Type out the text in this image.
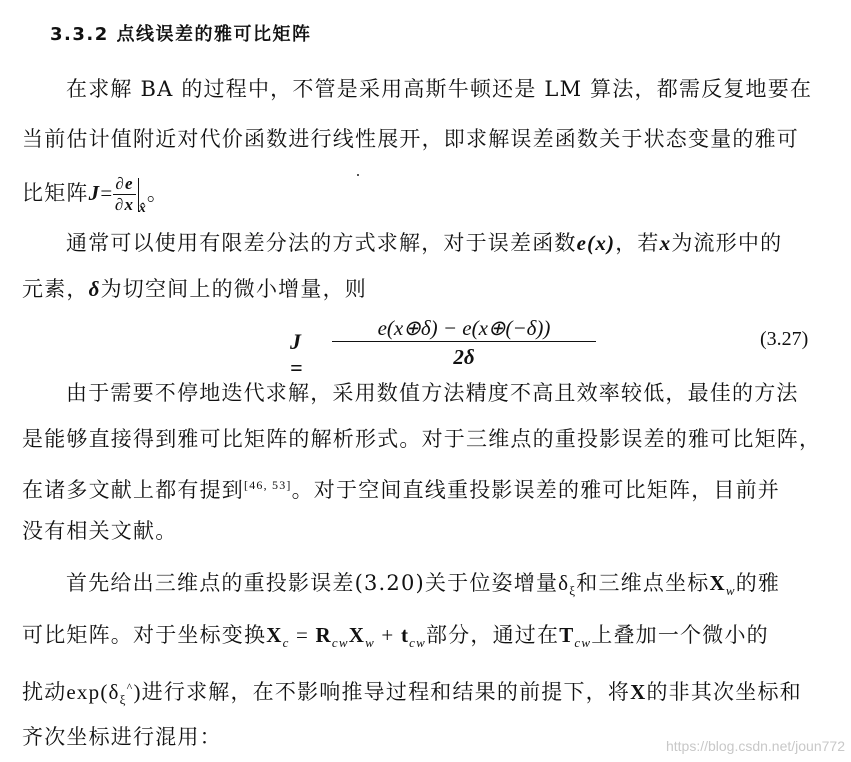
3.3.2 点线误差的雅可比矩阵
在求解 BA 的过程中，不管是采用高斯牛顿还是 LM 算法，都需反复地要在
当前估计值附近对代价函数进行线性展开，即求解误差函数关于状态变量的雅可
比矩阵$J= \frac{\partial e}{\partial x} _{x̂}$。
通常可以使用有限差分法的方式求解，对于误差函数e(x)，若x为流形中的
元素，δ为切空间上的微小增量，则
$J = \frac{e(x\oplus\delta) - e(x\oplus(-\delta))}{2\delta}$	(3.27)
由于需要不停地迭代求解，采用数值方法精度不高且效率较低，最佳的方法
是能够直接得到雅可比矩阵的解析形式。对于三维点的重投影误差的雅可比矩阵，
在诸多文献上都有提到[46, 53]。对于空间直线重投影误差的雅可比矩阵，目前并
没有相关文献。
首先给出三维点的重投影误差(3.20)关于位姿增量$\delta_\xi$和三维点坐标$X_w$的雅
可比矩阵。对于坐标变换$X_c = R_{cw}X_w + t_{cw}$部分，通过在$T_{cw}$上叠加一个微小的
扰动$\exp(\delta_\xi^{\^{}})$进行求解，在不影响推导过程和结果的前提下，将X的非其次坐标和
齐次坐标进行混用：	https://blog.csdn.net/joun772
